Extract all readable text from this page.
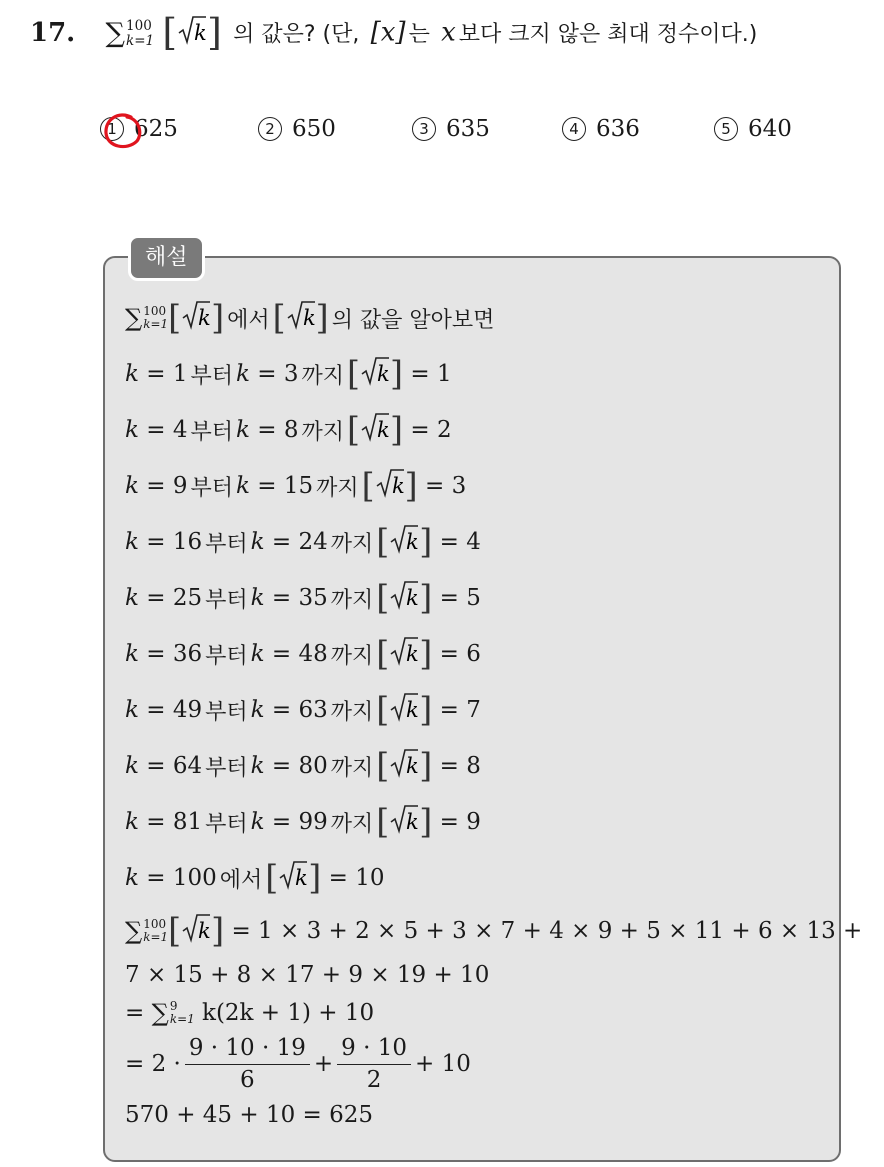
17. ∑ 100
k=1 [ k ] 의 값은? (단, [x] 는 x 보다 크지 않은 최대 정수이다.)
1 625	2 650	3 635	4 636	5 640
해설
∑ 100
k=1 [ k ] 에서 [ k ] 의 값을 알아보면
k = 1 부터 k = 3 까지 [ k ] = 1
k = 4 부터 k = 8 까지 [ k ] = 2
k = 9 부터 k = 15 까지 [ k ] = 3
k = 16 부터 k = 24 까지 [ k ] = 4
k = 25 부터 k = 35 까지 [ k ] = 5
k = 36 부터 k = 48 까지 [ k ] = 6
k = 49 부터 k = 63 까지 [ k ] = 7
k = 64 부터 k = 80 까지 [ k ] = 8
k = 81 부터 k = 99 까지 [ k ] = 9
k = 100 에서 [ k ] = 10
∑ 100
k=1 [ k ]
= 1 × 3 + 2 × 5 + 3 × 7 + 4 × 9 + 5 × 11 + 6 × 13 +
7 × 15 + 8 × 17 + 9 × 19 + 10
=
∑ 9
k=1
k(2k + 1) + 10
= $2 \cdot \frac{9 \cdot 10 \cdot 19}{6} + \frac{9 \cdot 10}{2} + 10$
570 + 45 + 10 = 625
